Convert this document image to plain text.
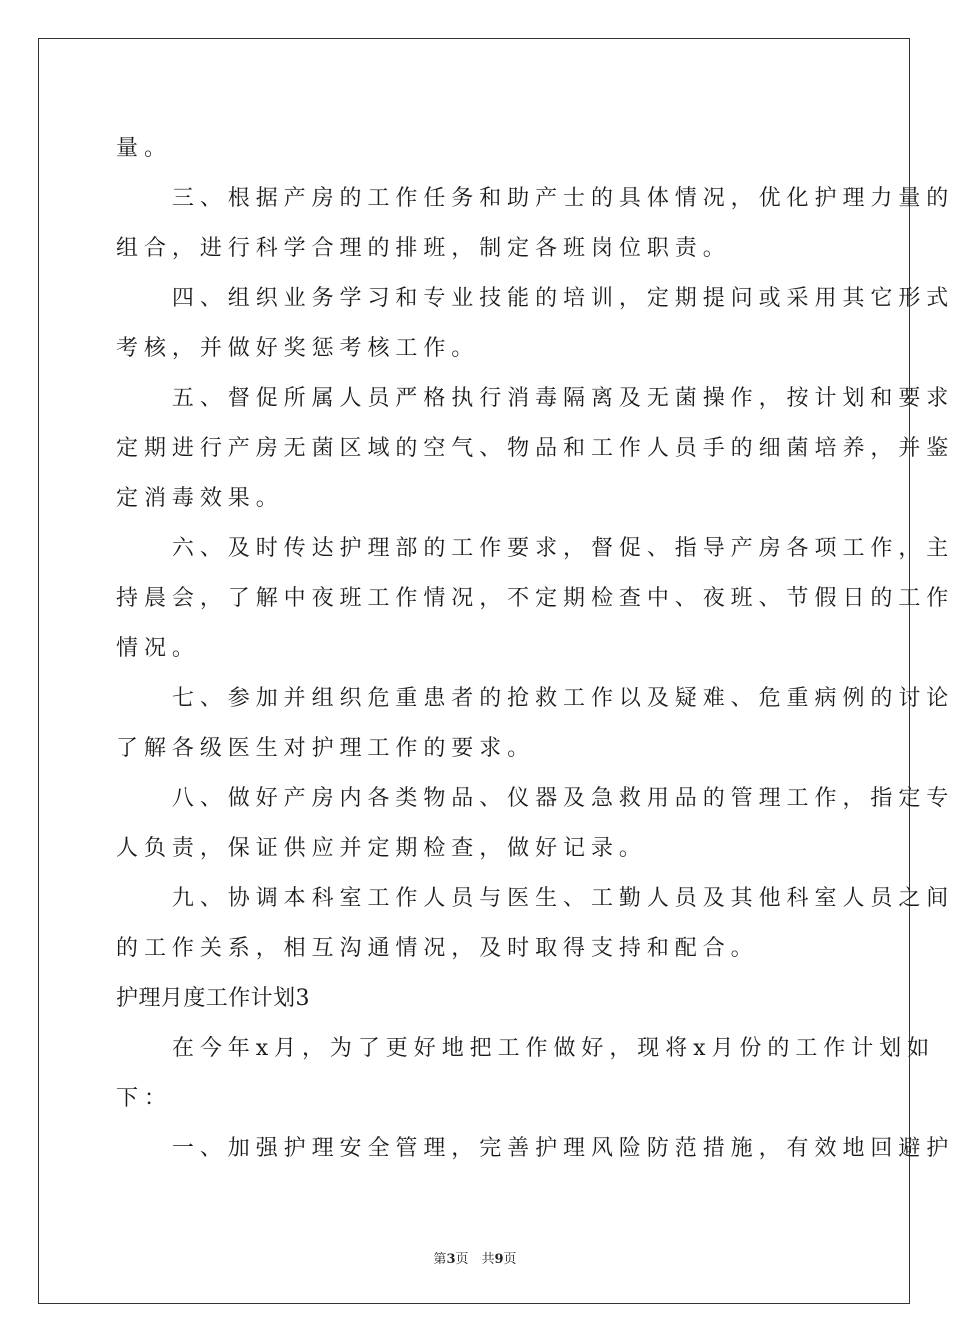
量。
　　三、根据产房的工作任务和助产士的具体情况，优化护理力量的
组合，进行科学合理的排班，制定各班岗位职责。
　　四、组织业务学习和专业技能的培训，定期提问或采用其它形式
考核，并做好奖惩考核工作。
　　五、督促所属人员严格执行消毒隔离及无菌操作，按计划和要求
定期进行产房无菌区域的空气、物品和工作人员手的细菌培养，并鉴
定消毒效果。
　　六、及时传达护理部的工作要求，督促、指导产房各项工作，主
持晨会，了解中夜班工作情况，不定期检查中、夜班、节假日的工作
情况。
　　七、参加并组织危重患者的抢救工作以及疑难、危重病例的讨论
了解各级医生对护理工作的要求。
　　八、做好产房内各类物品、仪器及急救用品的管理工作，指定专
人负责，保证供应并定期检查，做好记录。
　　九、协调本科室工作人员与医生、工勤人员及其他科室人员之间
的工作关系，相互沟通情况，及时取得支持和配合。
护理月度工作计划3
　　在今年x月，为了更好地把工作做好，现将x月份的工作计划如
下：
　　一、加强护理安全管理，完善护理风险防范措施，有效地回避护
第3页　共9页
